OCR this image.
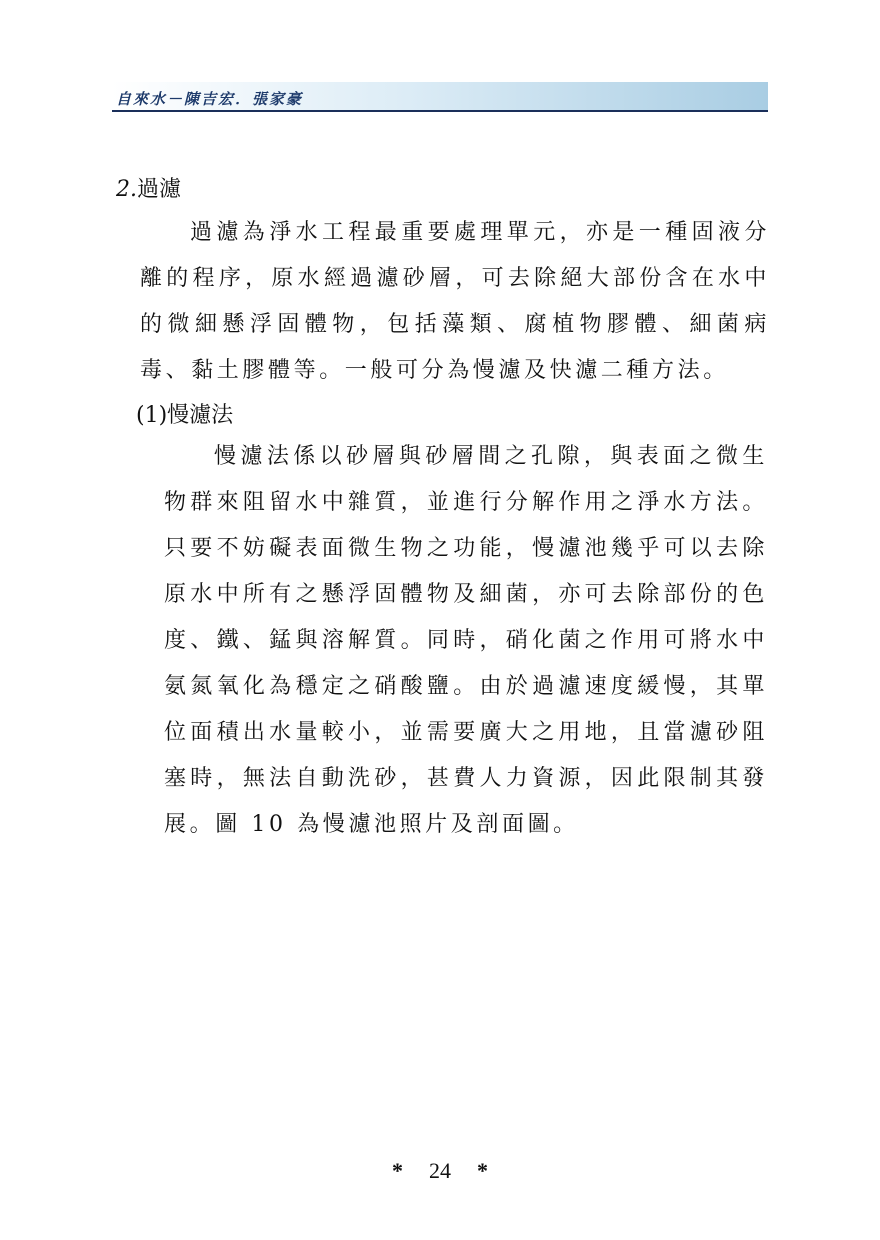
自來水－陳吉宏．張家豪
2.過濾
過濾為淨水工程最重要處理單元，亦是一種固液分離的程序，原水經過濾砂層，可去除絕大部份含在水中的微細懸浮固體物，包括藻類、腐植物膠體、細菌病毒、黏土膠體等。一般可分為慢濾及快濾二種方法。
(1)慢濾法
慢濾法係以砂層與砂層間之孔隙，與表面之微生物群來阻留水中雜質，並進行分解作用之淨水方法。只要不妨礙表面微生物之功能，慢濾池幾乎可以去除原水中所有之懸浮固體物及細菌，亦可去除部份的色度、鐵、錳與溶解質。同時，硝化菌之作用可將水中氨氮氧化為穩定之硝酸鹽。由於過濾速度緩慢，其單位面積出水量較小，並需要廣大之用地，且當濾砂阻塞時，無法自動洗砂，甚費人力資源，因此限制其發展。圖 10 為慢濾池照片及剖面圖。
* 24 *
